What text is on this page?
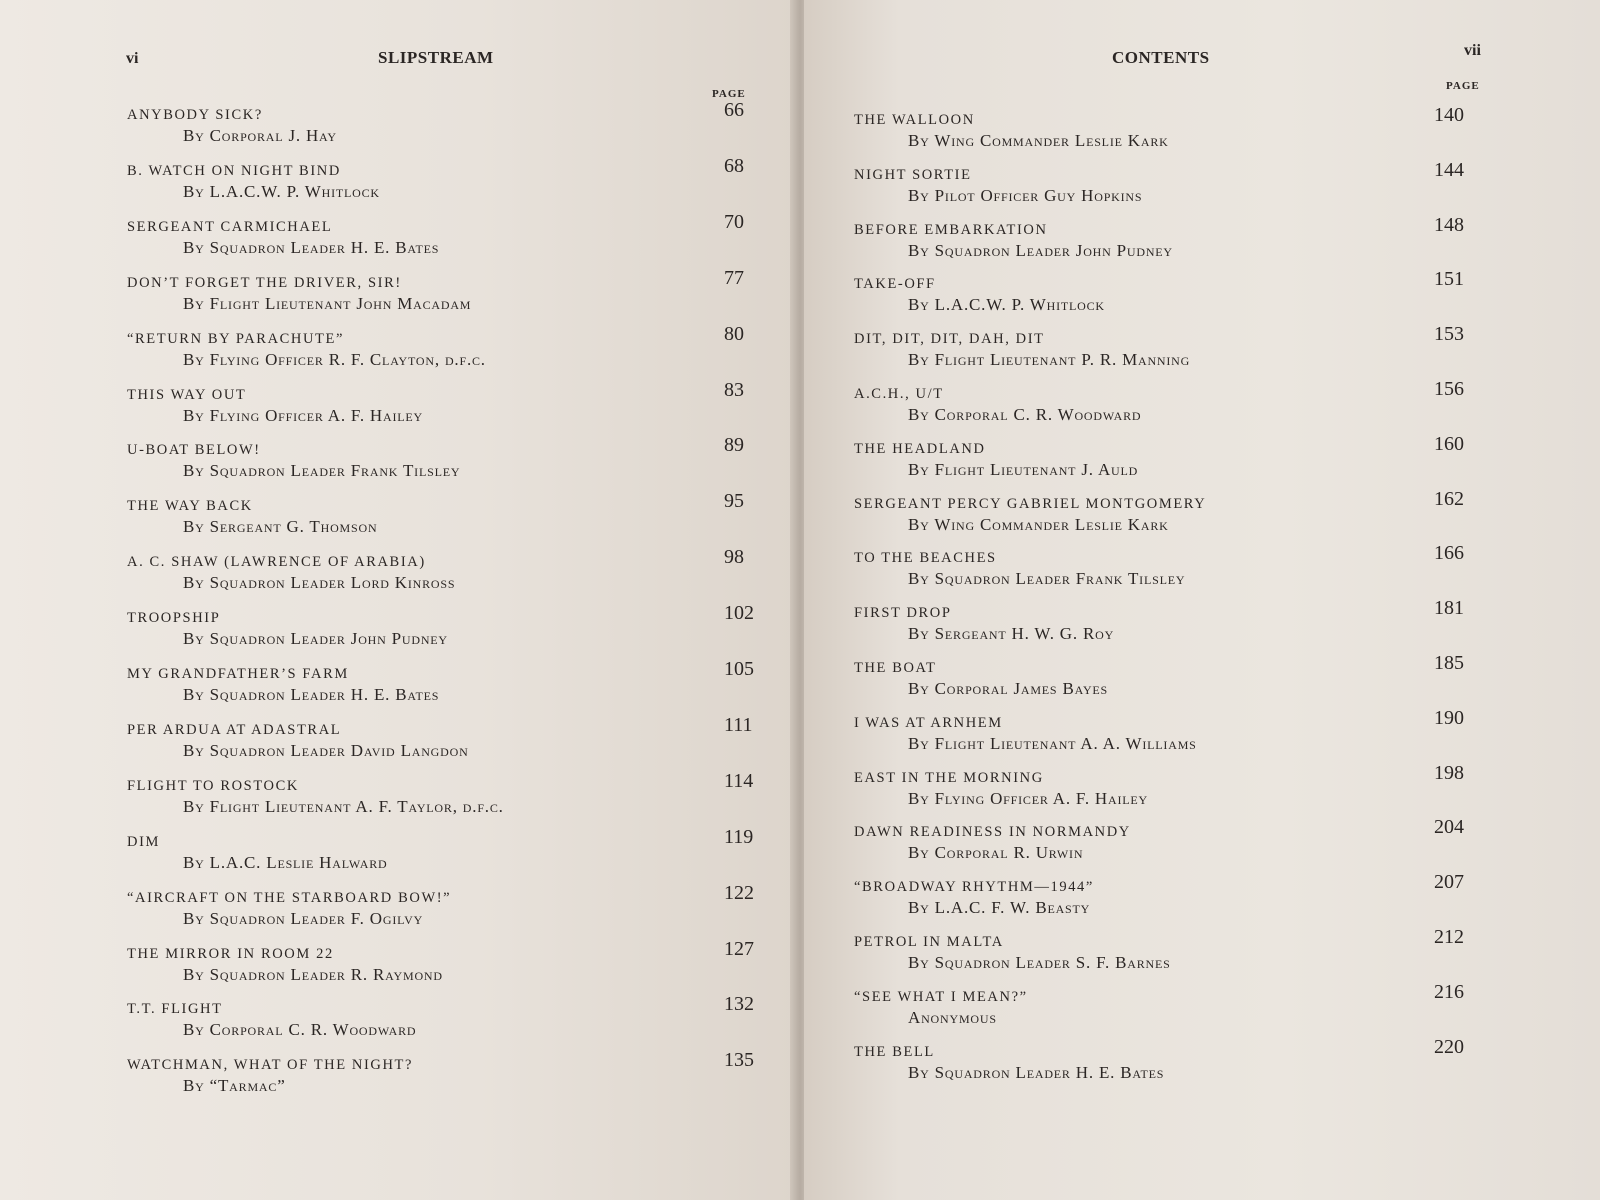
vi	SLIPSTREAM
PAGE
ANYBODY SICK?
By Corporal J. Hay
66
B. WATCH ON NIGHT BIND
By L.A.C.W. P. Whitlock
68
SERGEANT CARMICHAEL
By Squadron Leader H. E. Bates
70
DON’T FORGET THE DRIVER, SIR!
By Flight Lieutenant John Macadam
77
“RETURN BY PARACHUTE”
By Flying Officer R. F. Clayton, d.f.c.
80
THIS WAY OUT
By Flying Officer A. F. Hailey
83
U-BOAT BELOW!
By Squadron Leader Frank Tilsley
89
THE WAY BACK
By Sergeant G. Thomson
95
A. C. SHAW (LAWRENCE OF ARABIA)
By Squadron Leader Lord Kinross
98
TROOPSHIP
By Squadron Leader John Pudney
102
MY GRANDFATHER’S FARM
By Squadron Leader H. E. Bates
105
PER ARDUA AT ADASTRAL
By Squadron Leader David Langdon
111
FLIGHT TO ROSTOCK
By Flight Lieutenant A. F. Taylor, d.f.c.
114
DIM
By L.A.C. Leslie Halward
119
“AIRCRAFT ON THE STARBOARD BOW!”
By Squadron Leader F. Ogilvy
122
THE MIRROR IN ROOM 22
By Squadron Leader R. Raymond
127
T.T. FLIGHT
By Corporal C. R. Woodward
132
WATCHMAN, WHAT OF THE NIGHT?
By “Tarmac”
135
CONTENTS	vii
PAGE
THE WALLOON
By Wing Commander Leslie Kark
140
NIGHT SORTIE
By Pilot Officer Guy Hopkins
144
BEFORE EMBARKATION
By Squadron Leader John Pudney
148
TAKE-OFF
By L.A.C.W. P. Whitlock
151
DIT, DIT, DIT, DAH, DIT
By Flight Lieutenant P. R. Manning
153
A.C.H., U/T
By Corporal C. R. Woodward
156
THE HEADLAND
By Flight Lieutenant J. Auld
160
SERGEANT PERCY GABRIEL MONTGOMERY
By Wing Commander Leslie Kark
162
TO THE BEACHES
By Squadron Leader Frank Tilsley
166
FIRST DROP
By Sergeant H. W. G. Roy
181
THE BOAT
By Corporal James Bayes
185
I WAS AT ARNHEM
By Flight Lieutenant A. A. Williams
190
EAST IN THE MORNING
By Flying Officer A. F. Hailey
198
DAWN READINESS IN NORMANDY
By Corporal R. Urwin
204
“BROADWAY RHYTHM—1944”
By L.A.C. F. W. Beasty
207
PETROL IN MALTA
By Squadron Leader S. F. Barnes
212
“SEE WHAT I MEAN?”
Anonymous
216
THE BELL
By Squadron Leader H. E. Bates
220
